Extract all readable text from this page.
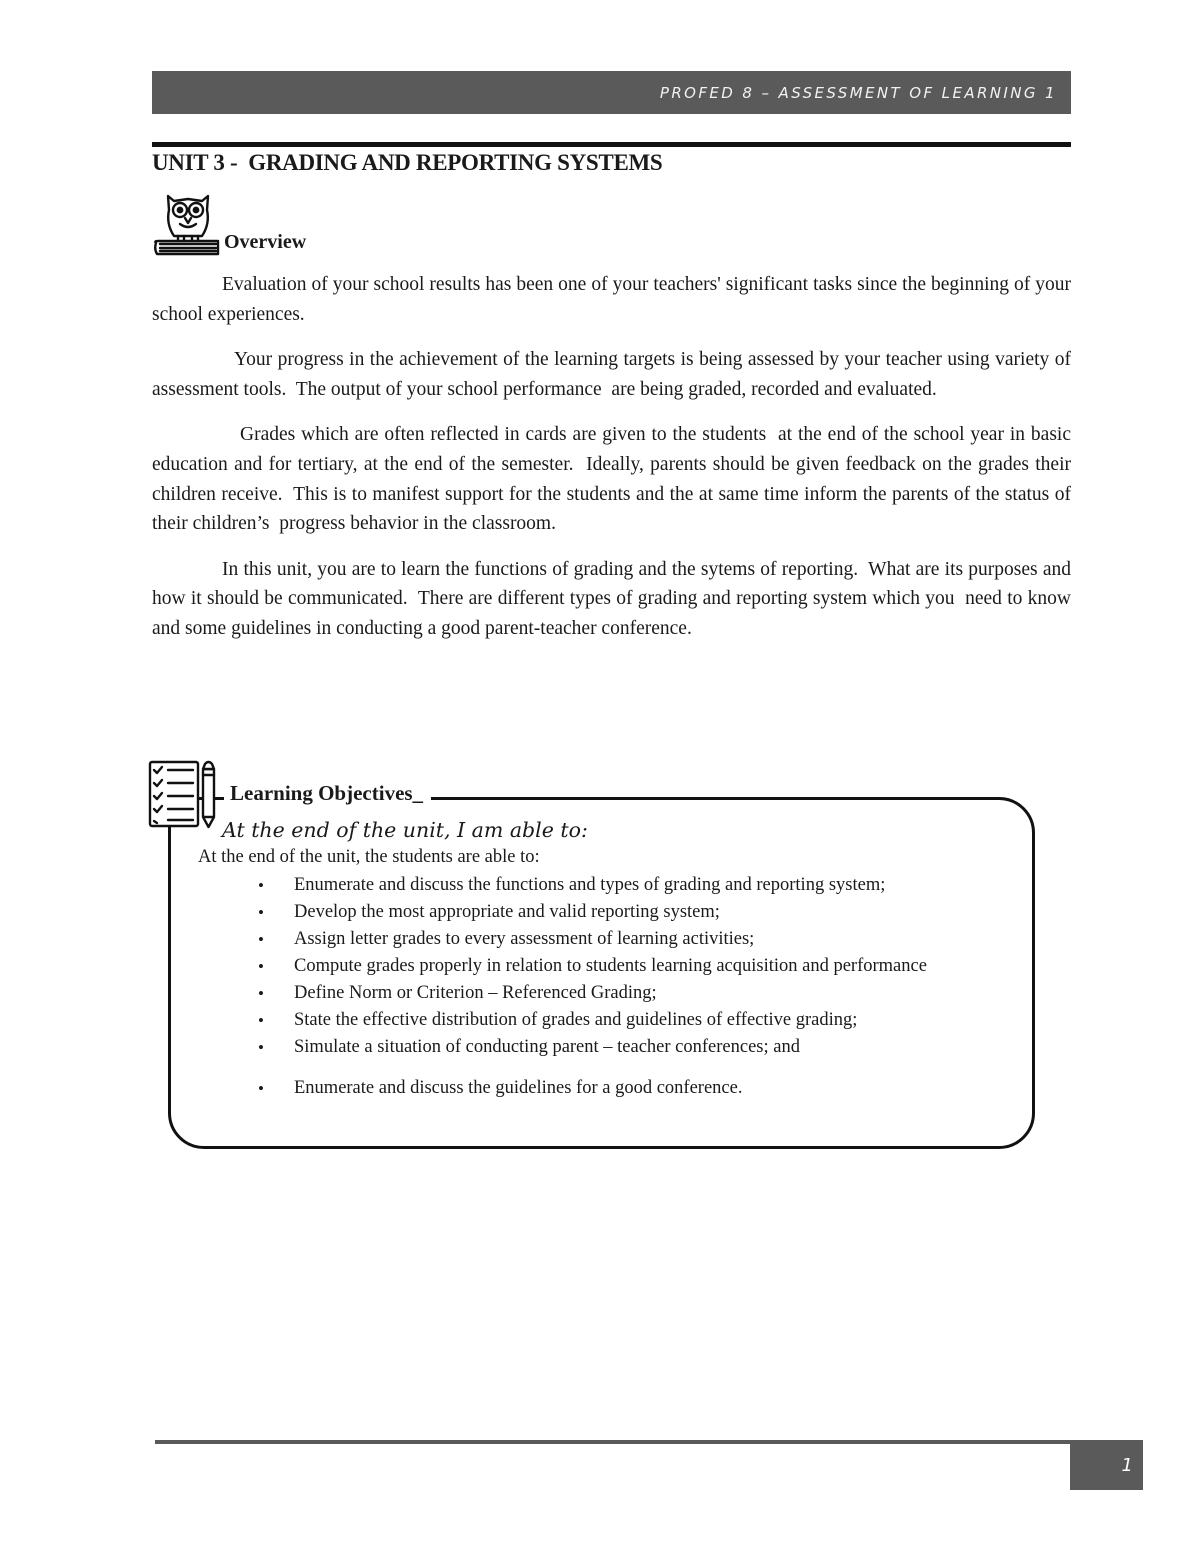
PROFED 8 – ASSESSMENT OF LEARNING 1
UNIT 3 -  GRADING AND REPORTING SYSTEMS
Overview

Evaluation of your school results has been one of your teachers' significant tasks since the beginning of your school experiences.

Your progress in the achievement of the learning targets is being assessed by your teacher using variety of assessment tools.  The output of your school performance  are being graded, recorded and evaluated.

Grades which are often reflected in cards are given to the students  at the end of the school year in basic education and for tertiary, at the end of the semester.  Ideally, parents should be given feedback on the grades their children receive.  This is to manifest support for the students and the at same time inform the parents of the status of their children’s  progress behavior in the classroom.

In this unit, you are to learn the functions of grading and the sytems of reporting.  What are its purposes and how it should be communicated.  There are different types of grading and reporting system which you  need to know and some guidelines in conducting a good parent-teacher conference.

Learning Objectives_

At the end of the unit, I am able to:

At the end of the unit, the students are able to:

• Enumerate and discuss the functions and types of grading and reporting system;
• Develop the most appropriate and valid reporting system;
• Assign letter grades to every assessment of learning activities;
• Compute grades properly in relation to students learning acquisition and performance
• Define Norm or Criterion – Referenced Grading;
• State the effective distribution of grades and guidelines of effective grading;
• Simulate a situation of conducting parent – teacher conferences; and
• Enumerate and discuss the guidelines for a good conference.
1
